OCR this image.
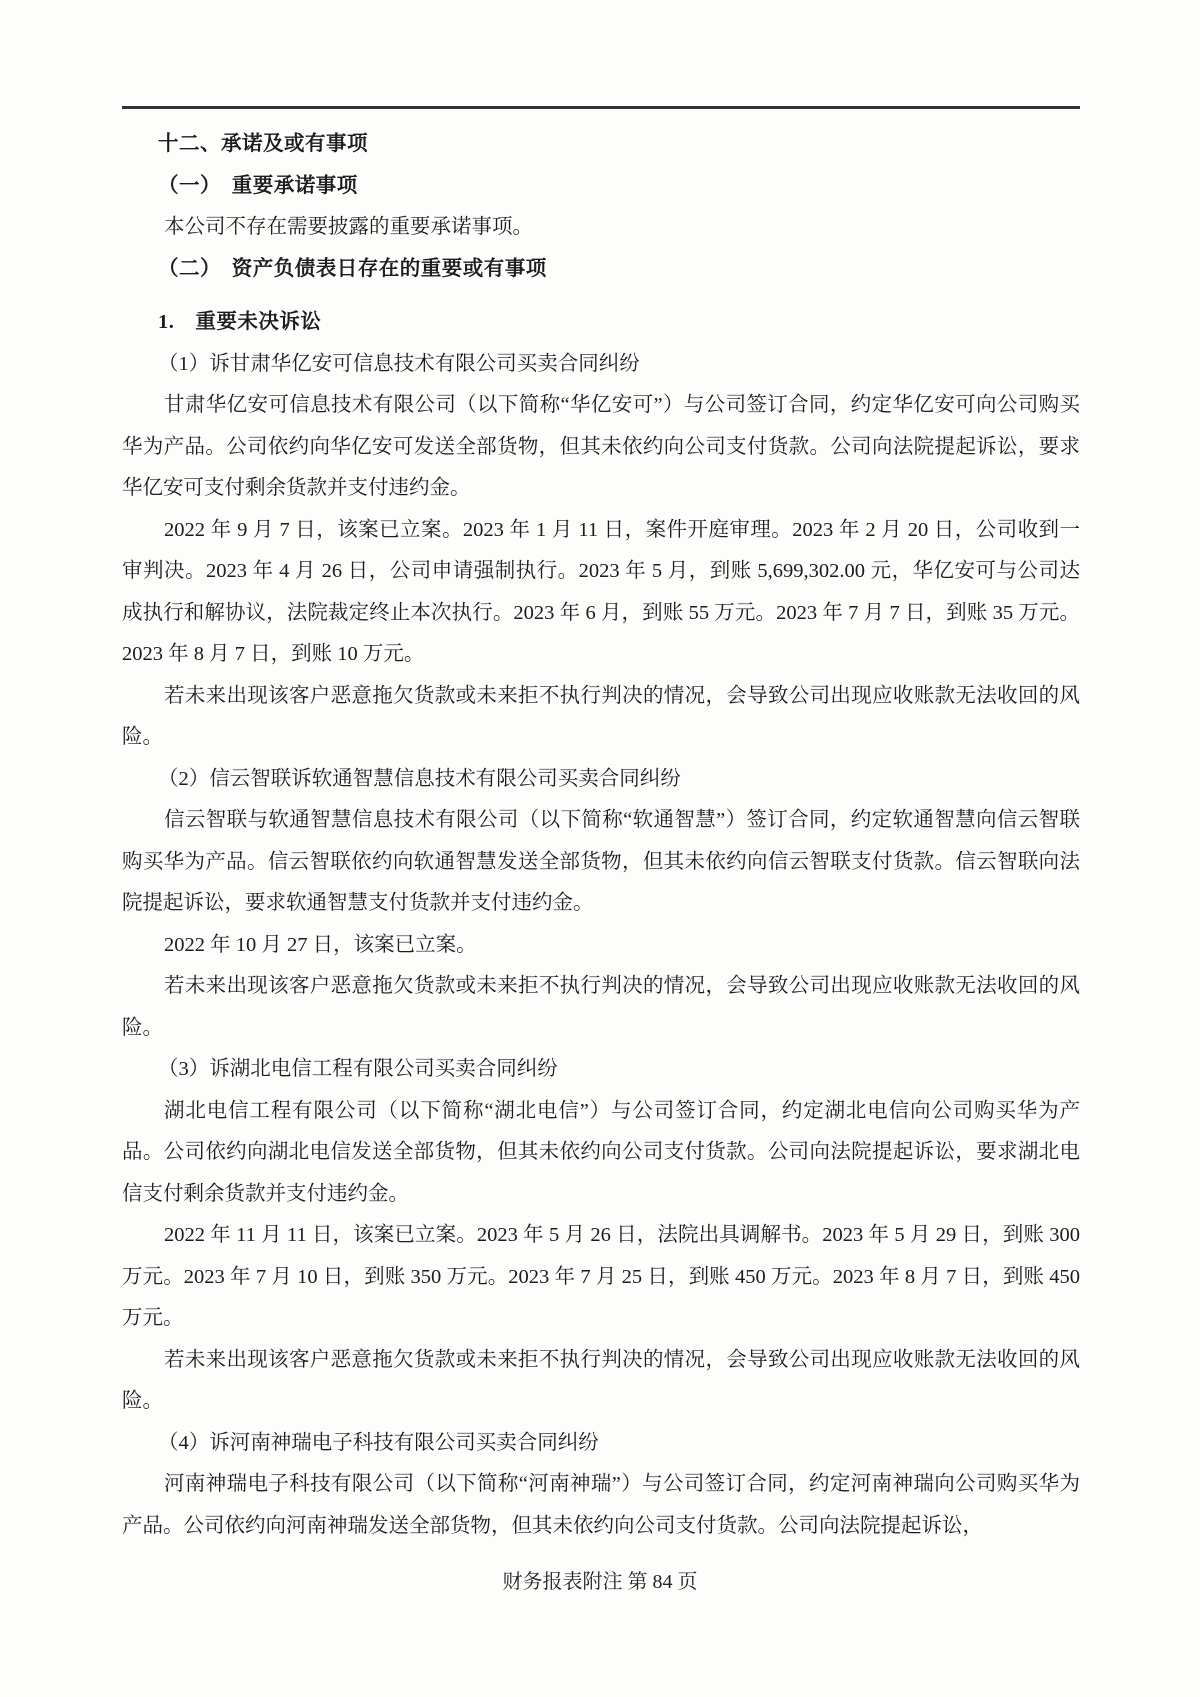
十二、承诺及或有事项
（一）　重要承诺事项
本公司不存在需要披露的重要承诺事项。
（二）　资产负债表日存在的重要或有事项
1.　重要未决诉讼
（1）诉甘肃华亿安可信息技术有限公司买卖合同纠纷
甘肃华亿安可信息技术有限公司（以下简称“华亿安可”）与公司签订合同，约定华亿安可向公司购买华为产品。公司依约向华亿安可发送全部货物，但其未依约向公司支付货款。公司向法院提起诉讼，要求华亿安可支付剩余货款并支付违约金。
2022 年 9 月 7 日，该案已立案。2023 年 1 月 11 日，案件开庭审理。2023 年 2 月 20 日，公司收到一审判决。2023 年 4 月 26 日，公司申请强制执行。2023 年 5 月，到账 5,699,302.00 元，华亿安可与公司达成执行和解协议，法院裁定终止本次执行。2023 年 6 月，到账 55 万元。2023 年 7 月 7 日，到账 35 万元。2023 年 8 月 7 日，到账 10 万元。
若未来出现该客户恶意拖欠货款或未来拒不执行判决的情况，会导致公司出现应收账款无法收回的风险。
（2）信云智联诉软通智慧信息技术有限公司买卖合同纠纷
信云智联与软通智慧信息技术有限公司（以下简称“软通智慧”）签订合同，约定软通智慧向信云智联购买华为产品。信云智联依约向软通智慧发送全部货物，但其未依约向信云智联支付货款。信云智联向法院提起诉讼，要求软通智慧支付货款并支付违约金。
2022 年 10 月 27 日，该案已立案。
若未来出现该客户恶意拖欠货款或未来拒不执行判决的情况，会导致公司出现应收账款无法收回的风险。
（3）诉湖北电信工程有限公司买卖合同纠纷
湖北电信工程有限公司（以下简称“湖北电信”）与公司签订合同，约定湖北电信向公司购买华为产品。公司依约向湖北电信发送全部货物，但其未依约向公司支付货款。公司向法院提起诉讼，要求湖北电信支付剩余货款并支付违约金。
2022 年 11 月 11 日，该案已立案。2023 年 5 月 26 日，法院出具调解书。2023 年 5 月 29 日，到账 300 万元。2023 年 7 月 10 日，到账 350 万元。2023 年 7 月 25 日，到账 450 万元。2023 年 8 月 7 日，到账 450 万元。
若未来出现该客户恶意拖欠货款或未来拒不执行判决的情况，会导致公司出现应收账款无法收回的风险。
（4）诉河南神瑞电子科技有限公司买卖合同纠纷
河南神瑞电子科技有限公司（以下简称“河南神瑞”）与公司签订合同，约定河南神瑞向公司购买华为产品。公司依约向河南神瑞发送全部货物，但其未依约向公司支付货款。公司向法院提起诉讼，
财务报表附注 第 84 页
